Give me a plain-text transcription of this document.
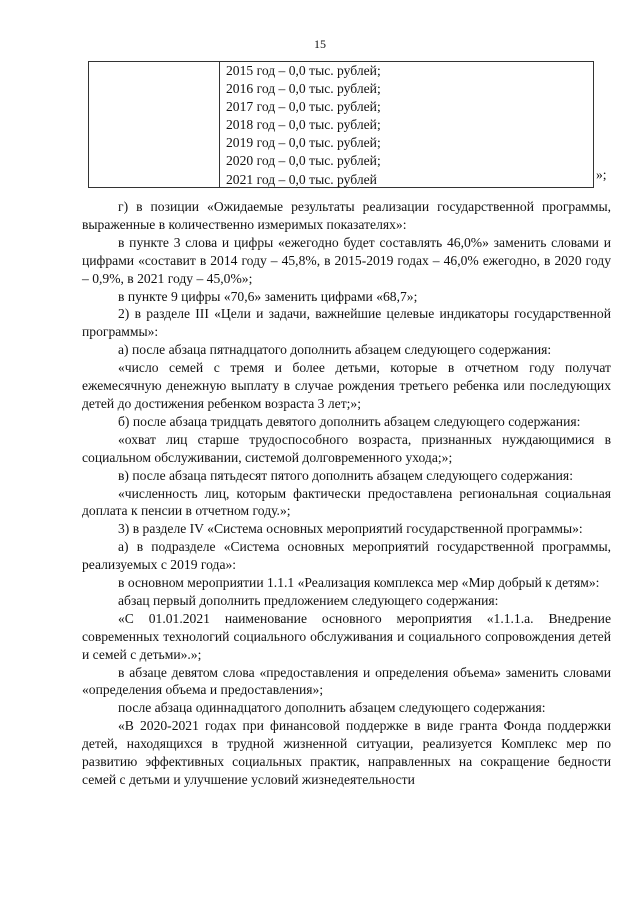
15
2015 год – 0,0 тыс. рублей;
2016 год – 0,0 тыс. рублей;
2017 год – 0,0 тыс. рублей;
2018 год – 0,0 тыс. рублей;
2019 год – 0,0 тыс. рублей;
2020 год – 0,0 тыс. рублей;
2021 год – 0,0 тыс. рублей	»;

г) в позиции «Ожидаемые результаты реализации государственной программы, выраженные в количественно измеримых показателях»:

в пункте 3 слова и цифры «ежегодно будет составлять 46,0%» заменить словами и цифрами «составит в 2014 году – 45,8%, в 2015-2019 годах – 46,0% ежегодно, в 2020 году – 0,9%, в 2021 году – 45,0%»;

в пункте 9 цифры «70,6» заменить цифрами «68,7»;

2) в разделе III «Цели и задачи, важнейшие целевые индикаторы государственной программы»:

а) после абзаца пятнадцатого дополнить абзацем следующего содержания:

«число семей с тремя и более детьми, которые в отчетном году получат ежемесячную денежную выплату в случае рождения третьего ребенка или последующих детей до достижения ребенком возраста 3 лет;»;

б) после абзаца тридцать девятого дополнить абзацем следующего содержания:

«охват лиц старше трудоспособного возраста, признанных нуждающимися в социальном обслуживании, системой долговременного ухода;»;

в) после абзаца пятьдесят пятого дополнить абзацем следующего содержания:

«численность лиц, которым фактически предоставлена региональная социальная доплата к пенсии в отчетном году.»;

3) в разделе IV «Система основных мероприятий государственной программы»:

а) в подразделе «Система основных мероприятий государственной программы, реализуемых с 2019 года»:

в основном мероприятии 1.1.1 «Реализация комплекса мер «Мир добрый к детям»:

абзац первый дополнить предложением следующего содержания:

«С 01.01.2021 наименование основного мероприятия «1.1.1.а. Внедрение современных технологий социального обслуживания и социального сопровождения детей и семей с детьми».»;

в абзаце девятом слова «предоставления и определения объема» заменить словами «определения объема и предоставления»;

после абзаца одиннадцатого дополнить абзацем следующего содержания:

«В 2020-2021 годах при финансовой поддержке в виде гранта Фонда поддержки детей, находящихся в трудной жизненной ситуации, реализуется Комплекс мер по развитию эффективных социальных практик, направленных на сокращение бедности семей с детьми и улучшение условий жизнедеятельности
